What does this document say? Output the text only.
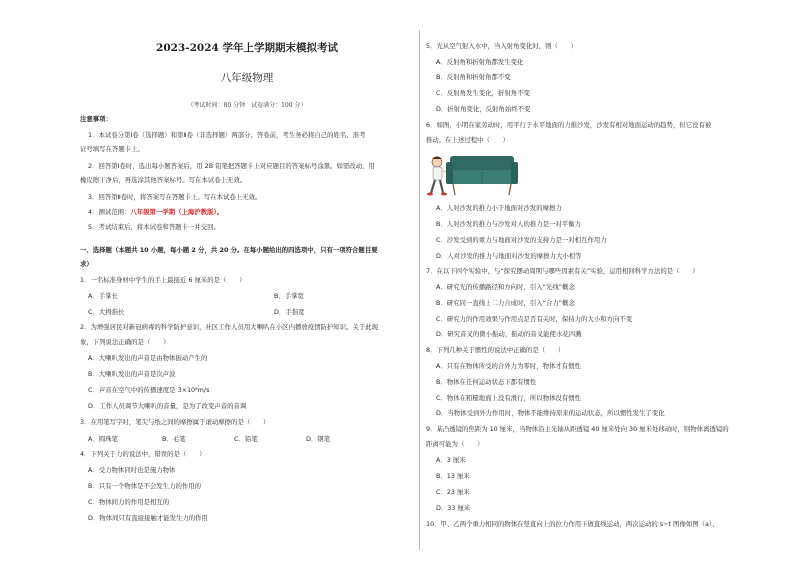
2023-2024 学年上学期期末模拟考试
八年级物理
（考试时间：80 分钟　试卷满分：100 分）
注意事项：
1．本试卷分第Ⅰ卷（选择题）和第Ⅱ卷（非选择题）两部分。答卷前，考生务必将自己的姓名、准考
证号填写在答题卡上。
2．回答第Ⅰ卷时，选出每小题答案后，用 2B 铅笔把答题卡上对应题目的答案标号涂黑。如需改动，用
橡皮擦干净后，再选涂其他答案标号。写在本试卷上无效。
3．回答第Ⅱ卷时，将答案写在答题卡上。写在本试卷上无效。
4．测试范围：八年级第一学期（上海沪教版）。
5．考试结束后，将本试卷和答题卡一并交回。
一、选择题（本题共 10 小题，每小题 2 分，共 20 分。在每小题给出的四选项中，只有一项符合题目要
求）
1．一名标准身材中学生的手上最接近 6 厘米的是（　　）
A．手掌长	B．手掌宽
C．大拇指长	D．手指宽
2．为增强居民对新冠病毒的科学防护意识，社区工作人员用大喇叭在小区内播放疫情防护知识。关于此现
象，下列说法正确的是（　　）
A．大喇叭发出的声音是由物体振动产生的
B．大喇叭发出的声音是次声波
C．声音在空气中的传播速度是 3×10⁸m/s
D．工作人员调节大喇叭的音量，是为了改变声音的音调
3．在用笔写字时，笔尖与纸之间的摩擦属于滚动摩擦的是（　　）
A．圆珠笔	B．毛笔	C．铅笔	D．钢笔
4．下列关于力的说法中，错误的是（　　）
A．受力物体同时也是施力物体
B．只有一个物体是不会发生力的作用的
C．物体间力的作用是相互的
D．物体间只有直接接触才能发生力的作用
5．光从空气射入水中，当入射角变化时，则（　　）
A．反射角和折射角都发生变化
B．反射角和折射角都不变
C．反射角发生变化，折射角不变
D．折射角变化，反射角始终不变
6．如图，小明在家劳动时，用平行于水平地面的力推沙发，沙发有相对地面运动的趋势，但它没有被
推动。在上述过程中（　　）
A．人对沙发的推力小于地面对沙发的摩擦力
B．人对沙发的推力与沙发对人的推力是一对平衡力
C．沙发受到的重力与地面对沙发的支持力是一对相互作用力
D．人对沙发的推力与地面对沙发的摩擦力大小相等
7．在以下四个实验中，与“探究摆动周期与哪些因素有关”实验，运用相同科学方法的是（　　）
A．研究光的传播路径和方向时，引入“光线”概念
B．研究同一直线上二力合成时，引入“合力”概念
C．研究力的作用效果与作用点是否有关时，保持力的大小和方向不变
D．研究音叉的微小振动，振动的音叉能使水花四溅
8．下列几种关于惯性的说法中正确的是（　　）
A．只有在物体所受的合外力为零时，物体才有惯性
B．物体在任何运动状态下都有惯性
C．物体在粗糙地面上没有滑行，所以物体没有惯性
D．当物体受到外力作用时，物体不能维持原来的运动状态，所以惯性发生了变化
9．某凸透镜的焦距为 10 厘米，当物体沿主光轴从距透镜 40 厘米处向 30 厘米处移动时，则物体离透镜的
距离可能为（　　）
A．3 厘米
B．13 厘米
C．23 厘米
D．33 厘米
10．甲、乙两个重力相同的物体在竖直向上的拉力作用下做直线运动，两次运动的 s−t 图像如图（a）、
